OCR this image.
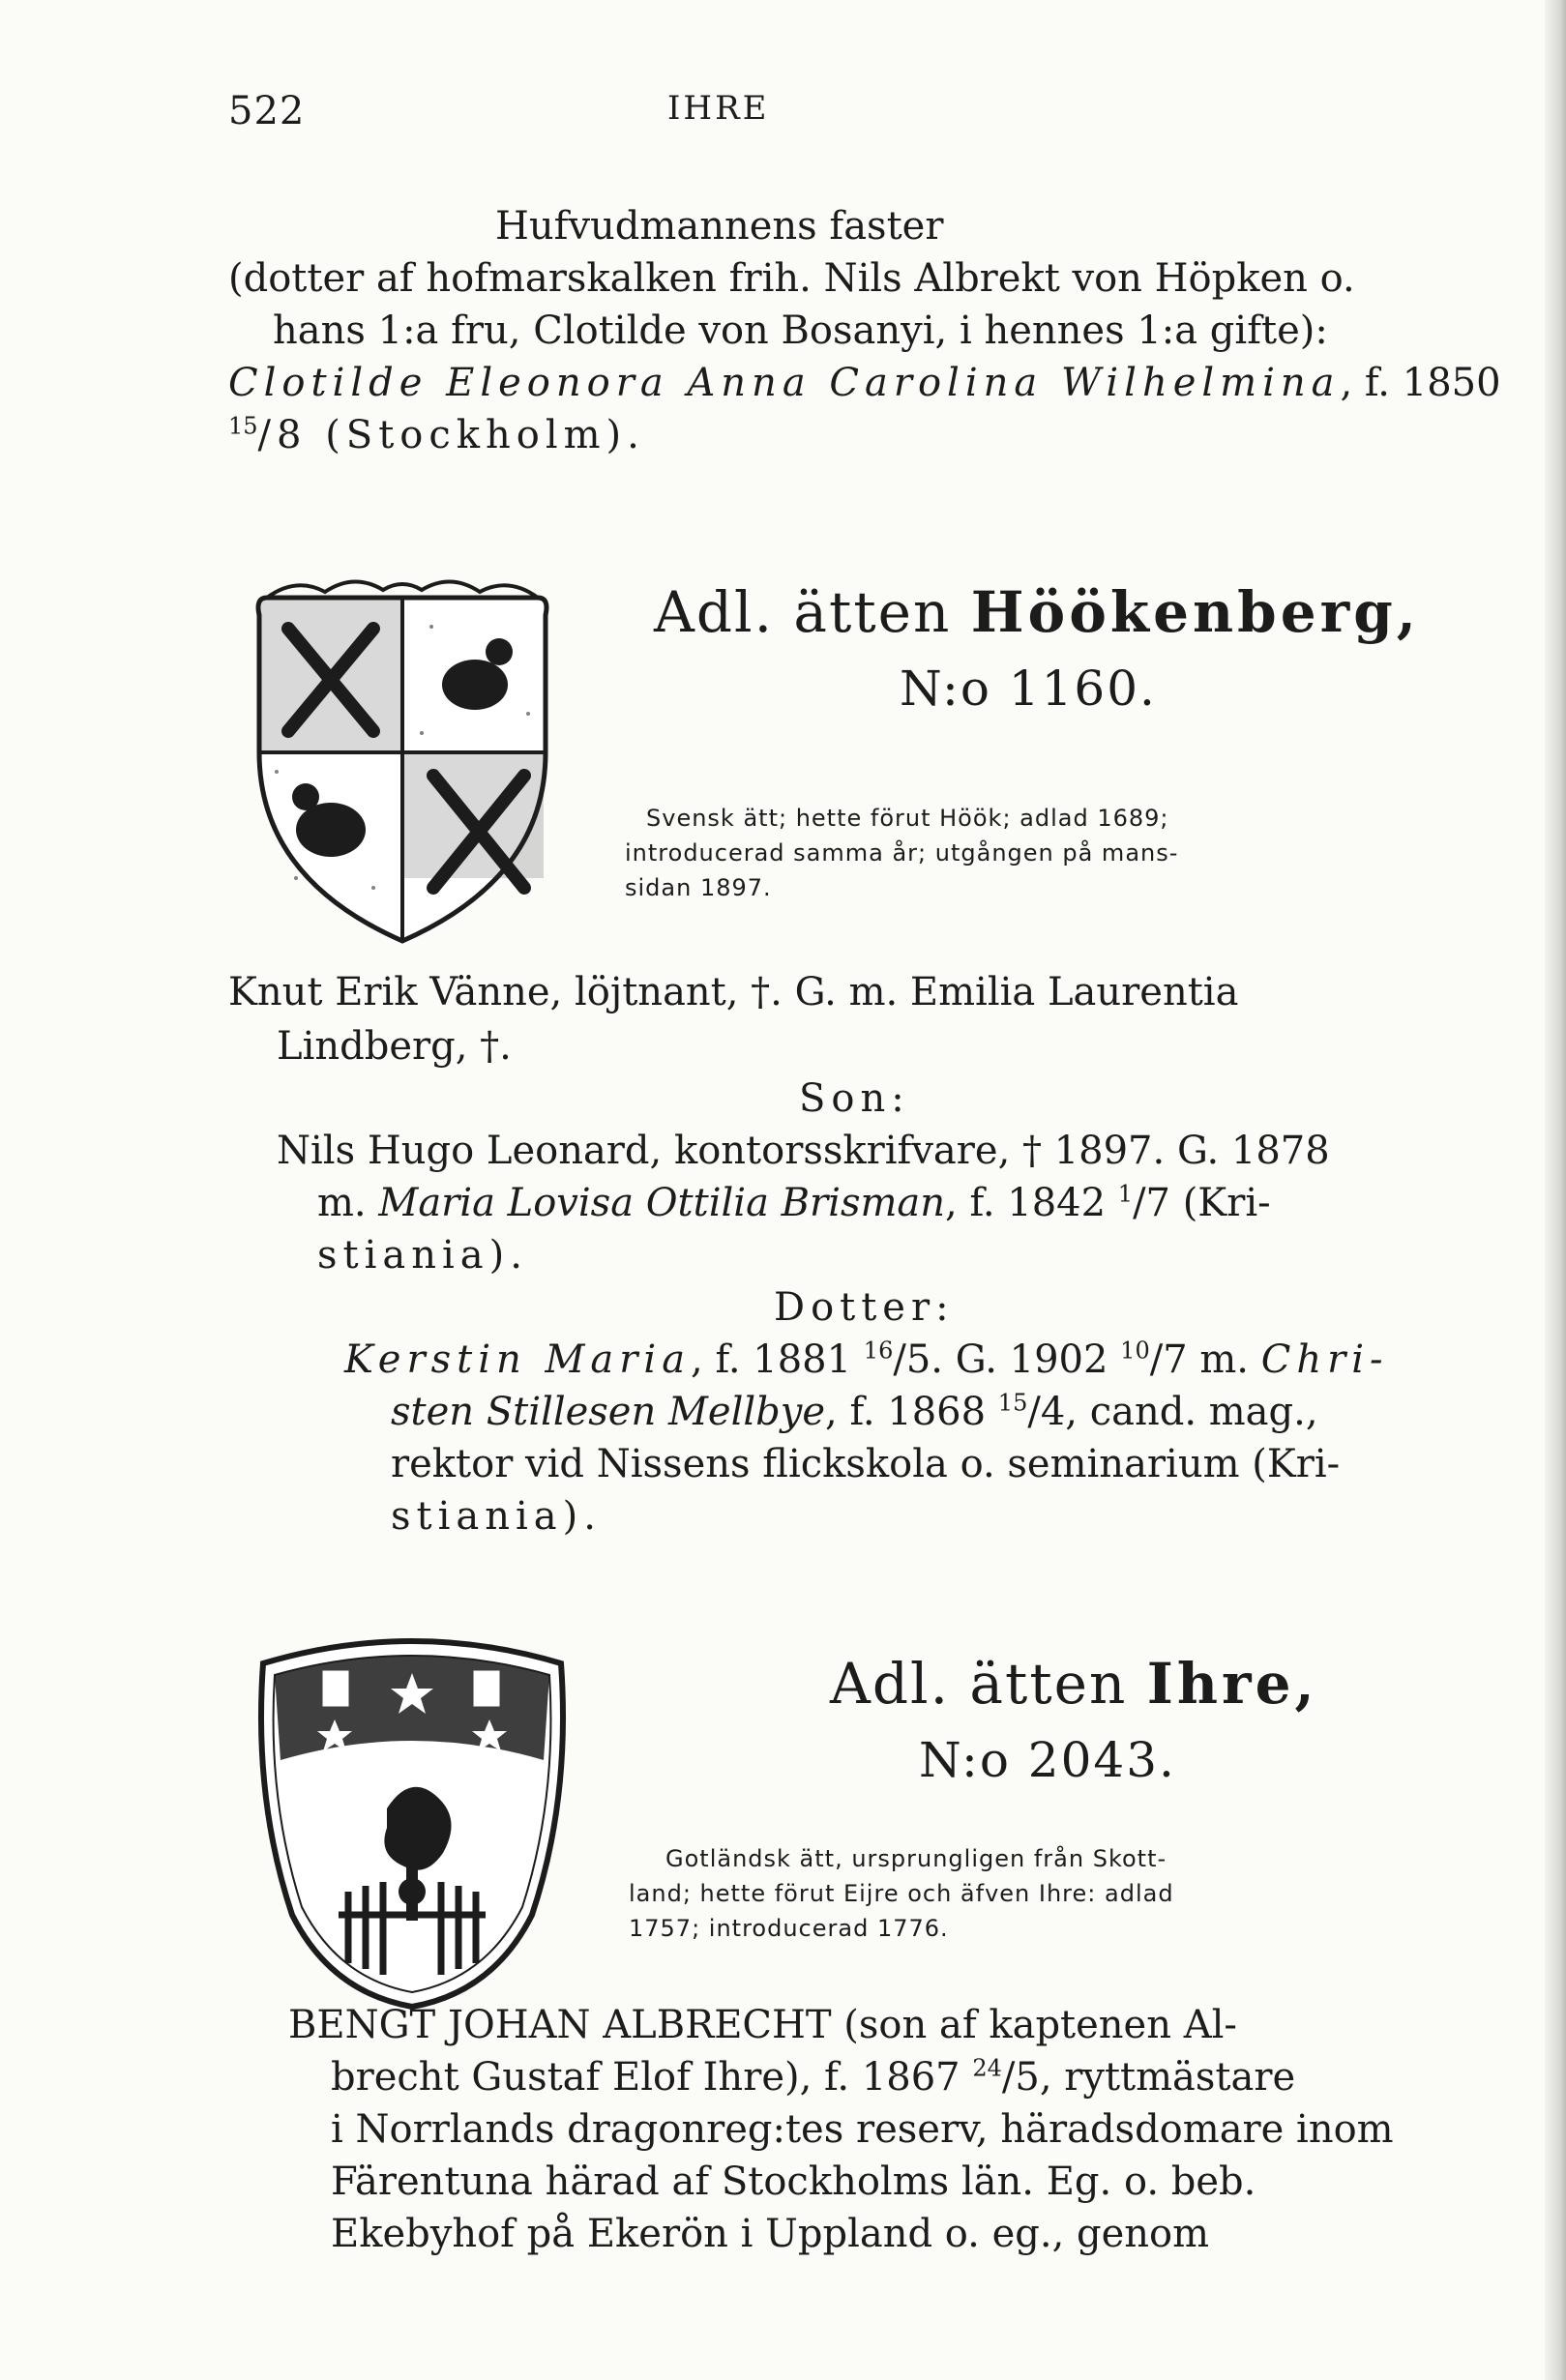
522	IHRE
Hufvudmannens faster
(dotter af hofmarskalken frih. Nils Albrekt von Höpken o.
hans 1:a fru, Clotilde von Bosanyi, i hennes 1:a gifte):
Clotilde Eleonora Anna Carolina Wilhelmina, f. 1850
$^{15}$/8 (Stockholm).
Adl. ätten Höökenberg,
N:o 1160.
Svensk ätt; hette förut Höök; adlad 1689;
introducerad samma år; utgången på mans-
sidan 1897.
Knut Erik Vänne, löjtnant, †. G. m. Emilia Laurentia
Lindberg, †.
Son:
Nils Hugo Leonard, kontorsskrifvare, † 1897. G. 1878
m. Maria Lovisa Ottilia Brisman, f. 1842 $^1$/7 (Kri-
stiania).
Dotter:
Kerstin Maria, f. 1881 $^{16}$/5. G. 1902 $^{10}$/7 m. Chri-
sten Stillesen Mellbye, f. 1868 $^{15}$/4, cand. mag.,
rektor vid Nissens flickskola o. seminarium (Kri-
stiania).
Adl. ätten Ihre,
N:o 2043.
Gotländsk ätt, ursprungligen från Skott-
land; hette förut Eijre och äfven Ihre: adlad
1757; introducerad 1776.
BENGT JOHAN ALBRECHT (son af kaptenen Al-
brecht Gustaf Elof Ihre), f. 1867 $^{24}$/5, ryttmästare
i Norrlands dragonreg:tes reserv, häradsdomare inom
Färentuna härad af Stockholms län. Eg. o. beb.
Ekebyhof på Ekerön i Uppland o. eg., genom
